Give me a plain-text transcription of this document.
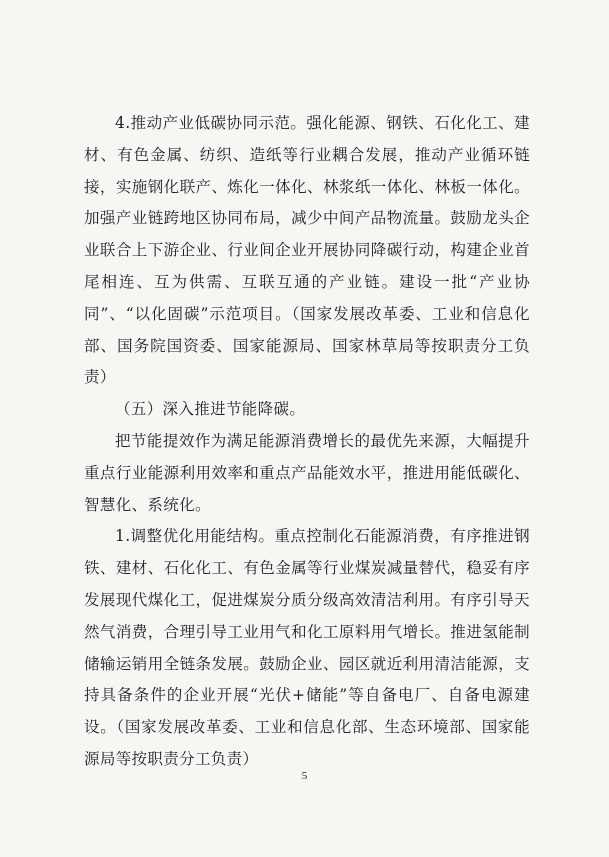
4.推动产业低碳协同示范。强化能源、钢铁、石化化工、建材、有色金属、纺织、造纸等行业耦合发展，推动产业循环链接，实施钢化联产、炼化一体化、林浆纸一体化、林板一体化。加强产业链跨地区协同布局，减少中间产品物流量。鼓励龙头企业联合上下游企业、行业间企业开展协同降碳行动，构建企业首尾相连、互为供需、互联互通的产业链。建设一批“产业协同”、“以化固碳”示范项目。（国家发展改革委、工业和信息化部、国务院国资委、国家能源局、国家林草局等按职责分工负责）

（五）深入推进节能降碳。

把节能提效作为满足能源消费增长的最优先来源，大幅提升重点行业能源利用效率和重点产品能效水平，推进用能低碳化、智慧化、系统化。

1.调整优化用能结构。重点控制化石能源消费，有序推进钢铁、建材、石化化工、有色金属等行业煤炭减量替代，稳妥有序发展现代煤化工，促进煤炭分质分级高效清洁利用。有序引导天然气消费，合理引导工业用气和化工原料用气增长。推进氢能制储输运销用全链条发展。鼓励企业、园区就近利用清洁能源，支持具备条件的企业开展“光伏+储能”等自备电厂、自备电源建设。（国家发展改革委、工业和信息化部、生态环境部、国家能源局等按职责分工负责）

5
